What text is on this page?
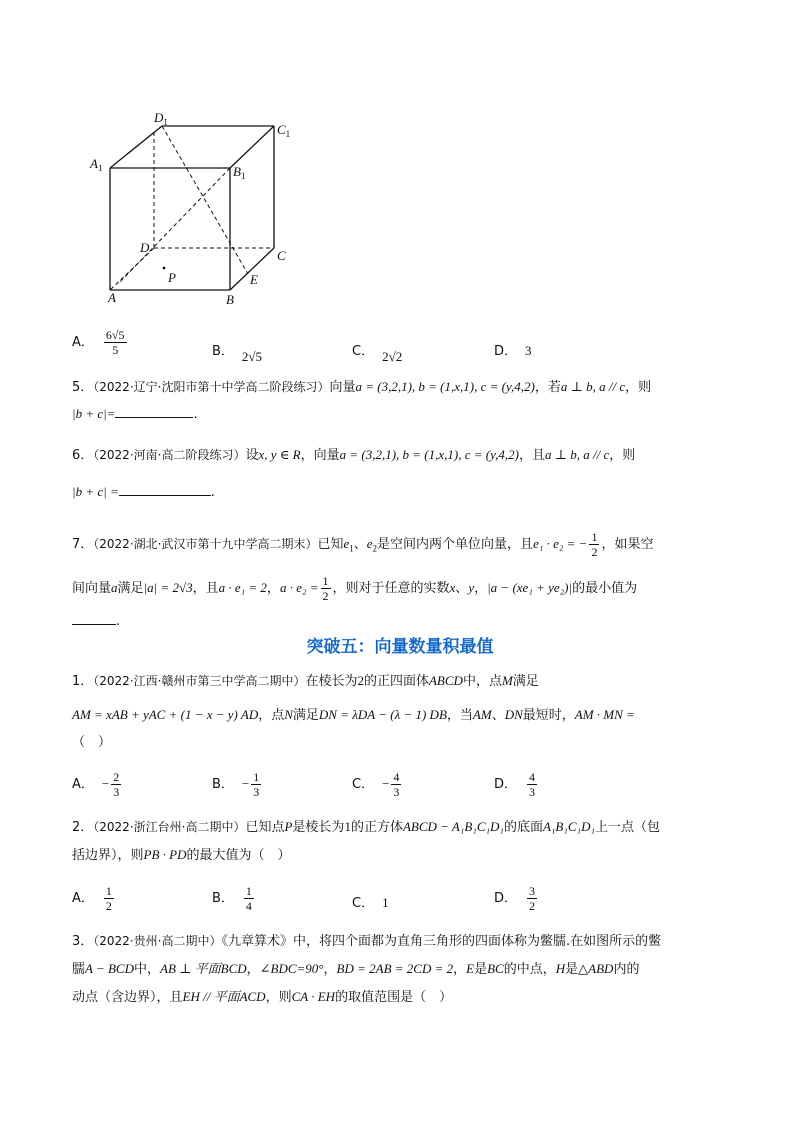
$D_1$	$C_1$
$A_1$	$B_1$
D
C
P	E
A	B
A． $\frac{6√5}{5}$	B． 2√5	C． 2√2	D． 3
5．（2022·辽宁·沈阳市第十中学高二阶段练习）向量a = (3,2,1), b = (1,x,1), c = (y,4,2)，若a ⊥ b, a // c，则
|b + c|=	.
6．（2022·河南·高二阶段练习）设x, y ∈ R，向量a = (3,2,1), b = (1,x,1), c = (y,4,2)，且a ⊥ b, a // c，则
|b + c| =	.
7．（2022·湖北·武汉市第十九中学高二期末）已知$e_1$、$e_2$是空间内两个单位向量，且e₁ · e₂ = − $\frac{1}{2}$ ，如果空
间向量a满足|a| = 2√3，且a · e₁ = 2，$a \cdot e_2 = \frac{1}{2}$ ，则对于任意的实数x、y，|a − (xe₁ + ye₂)|的最小值为
.
突破五：向量数量积最值
1．（2022·江西·赣州市第三中学高二期中）在棱长为2的正四面体ABCD中，点M满足
AM = xAB + yAC + (1 − x − y) AD，点N满足DN = λDA − (λ − 1) DB，当AM、DN最短时，AM · MN =
（　）
A． − $\frac{2}{3}$	B． − $\frac{1}{3}$	C． − $\frac{4}{3}$	D． $\frac{4}{3}$
2．（2022·浙江台州·高二期中）已知点P是棱长为1的正方体ABCD − A₁B₁C₁D₁的底面A₁B₁C₁D₁上一点（包
括边界），则PB · PD的最大值为（　）
A． $\frac{1}{2}$	B． $\frac{1}{4}$	C． 1	D． $\frac{3}{2}$
3．（2022·贵州·高二期中）《九章算术》中，将四个面都为直角三角形的四面体称为鳖臑.在如图所示的鳖
臑A − BCD中，AB ⊥ 平面BCD，∠BDC=90°，BD = 2AB = 2CD = 2，E是BC的中点，H是△ABD内的
动点（含边界），且EH // 平面ACD，则CA · EH的取值范围是（　）
